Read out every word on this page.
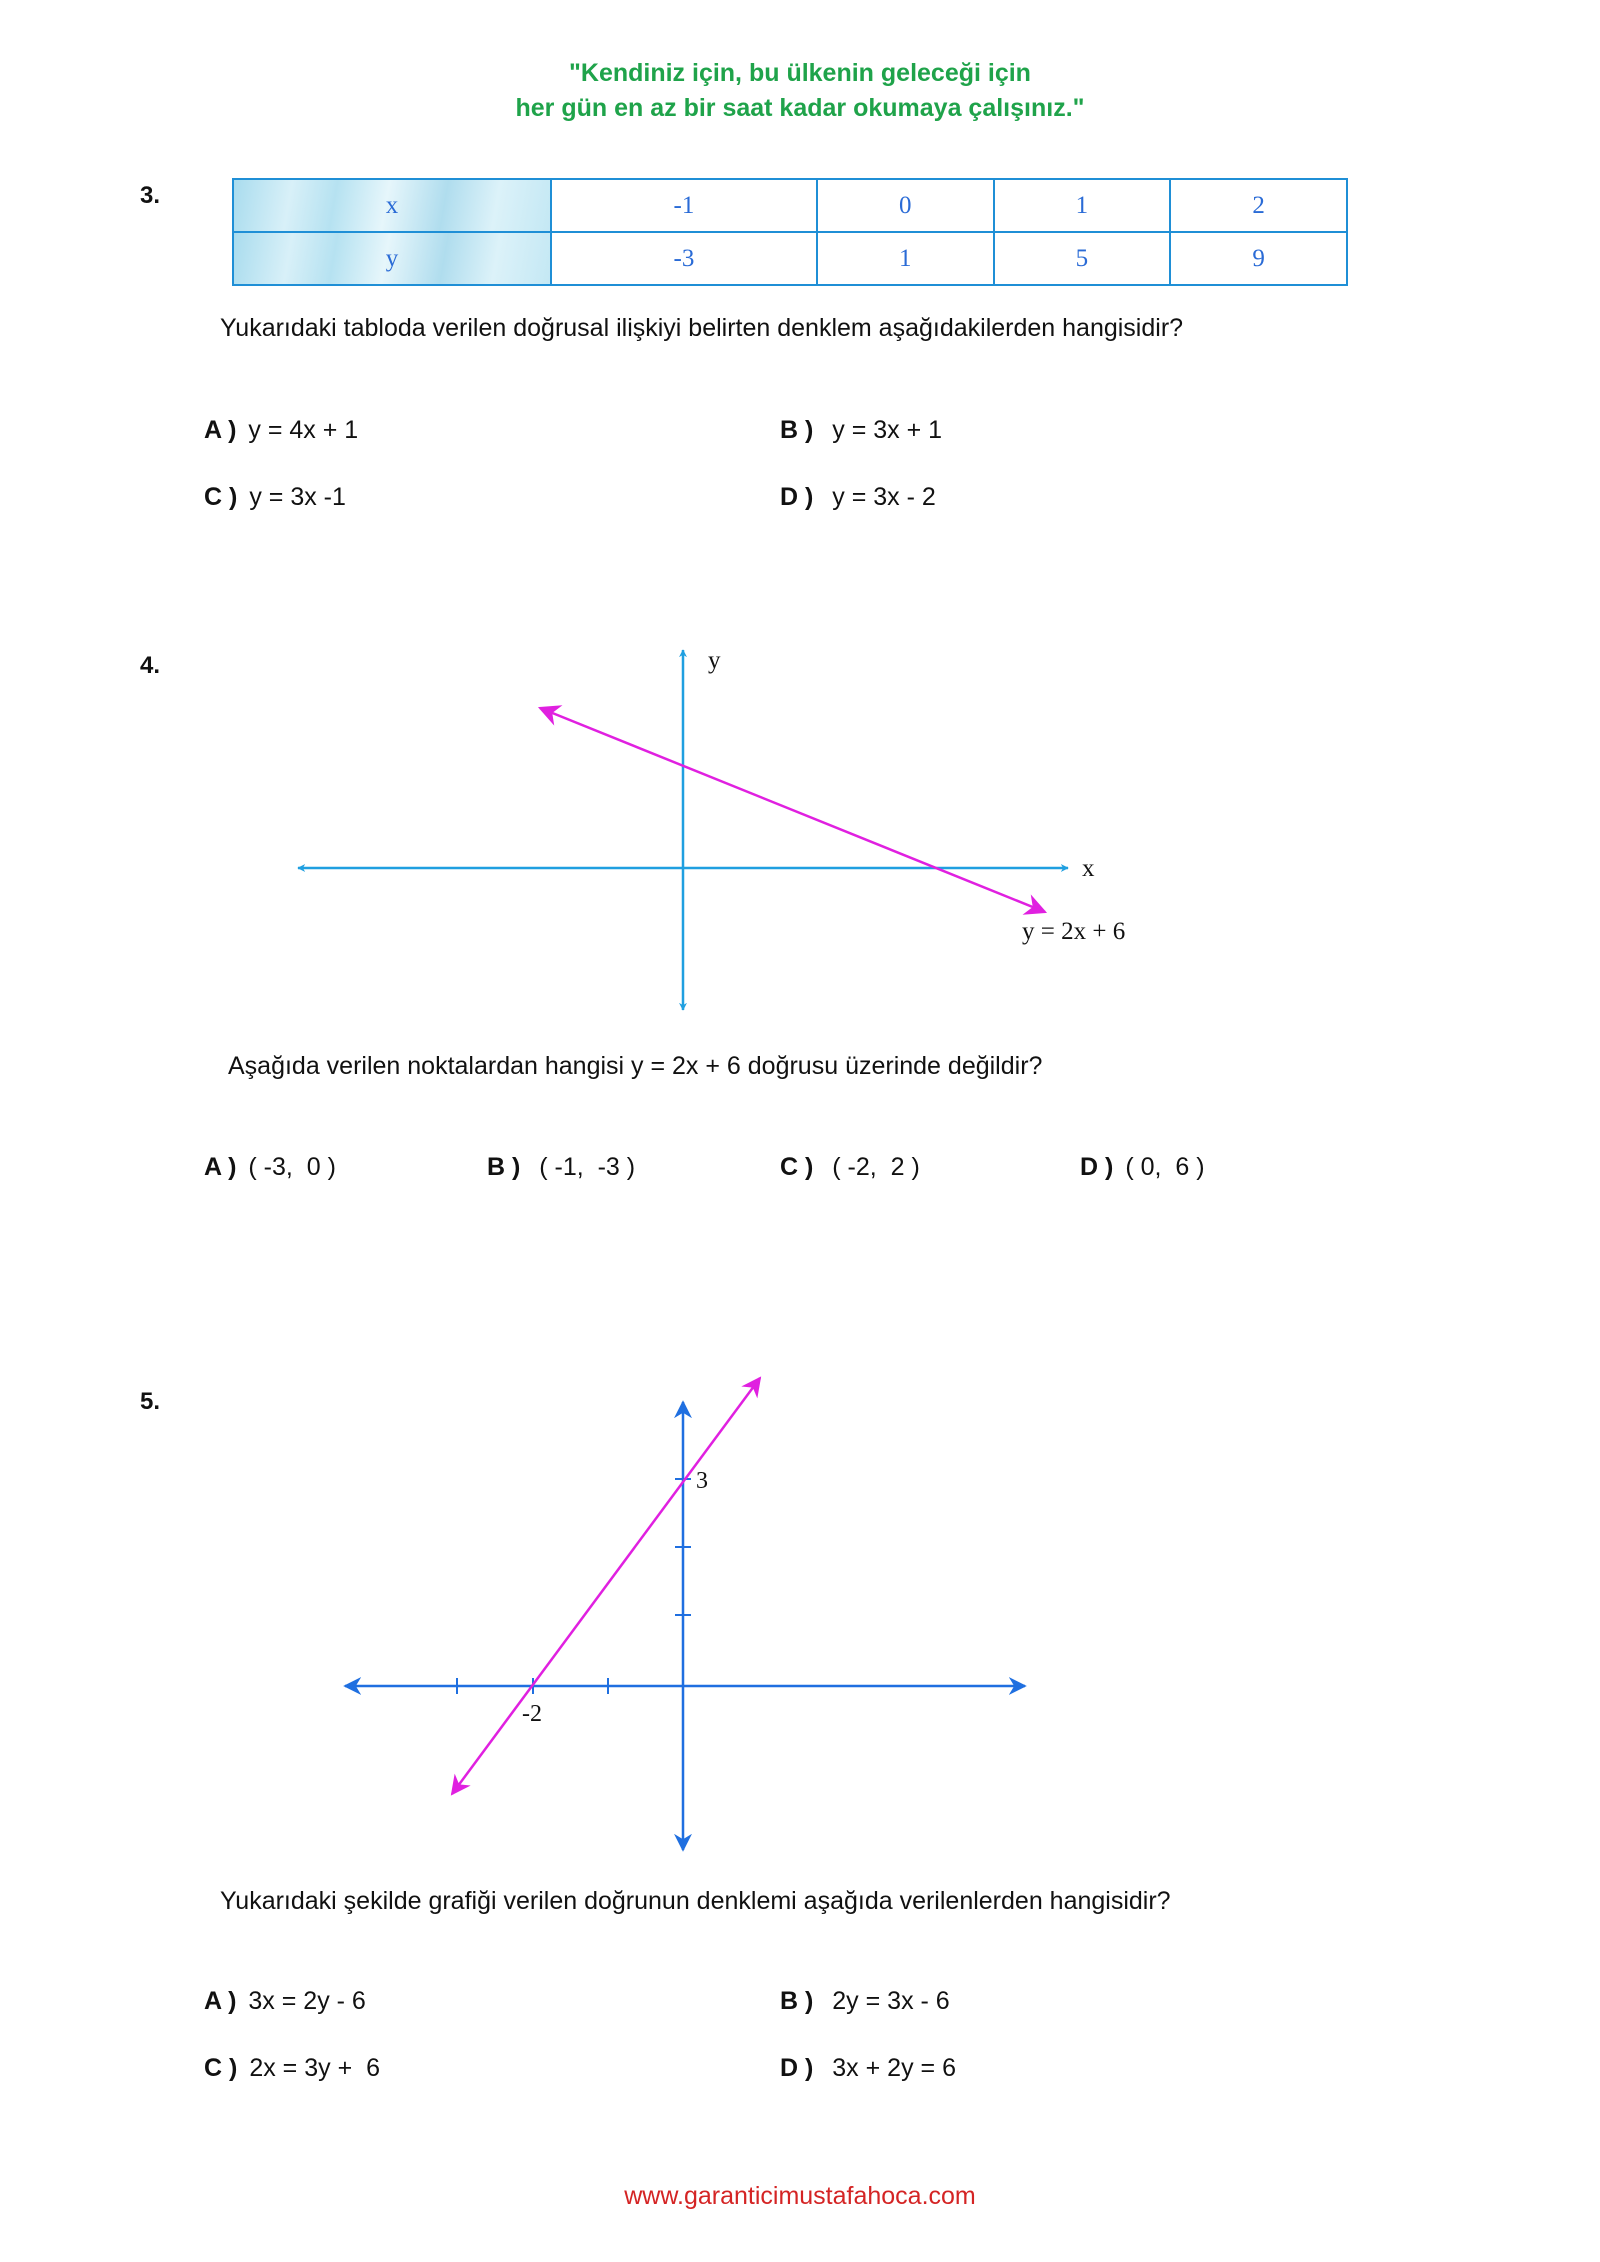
"Kendiniz için, bu ülkenin geleceği için
her gün en az bir saat kadar okumaya çalışınız."
3.	x	-1	0	1	2
y	-3	1	5	9
Yukarıdaki tabloda verilen doğrusal ilişkiyi belirten denklem aşağıdakilerden hangisidir?
A ) y = 4x + 1	B ) y = 3x + 1
C ) y = 3x -1	D ) y = 3x - 2
4.	y
x
y = 2x + 6
Aşağıda verilen noktalardan hangisi y = 2x + 6 doğrusu üzerinde değildir?
A ) ( -3,  0 )	B ) ( -1,  -3 )	C ) ( -2,  2 )	D ) ( 0,  6 )
5.
3
-2
Yukarıdaki şekilde grafiği verilen doğrunun denklemi aşağıda verilenlerden hangisidir?
A ) 3x = 2y - 6	B ) 2y = 3x - 6
C ) 2x = 3y +  6	D ) 3x + 2y = 6
www.garanticimustafahoca.com
